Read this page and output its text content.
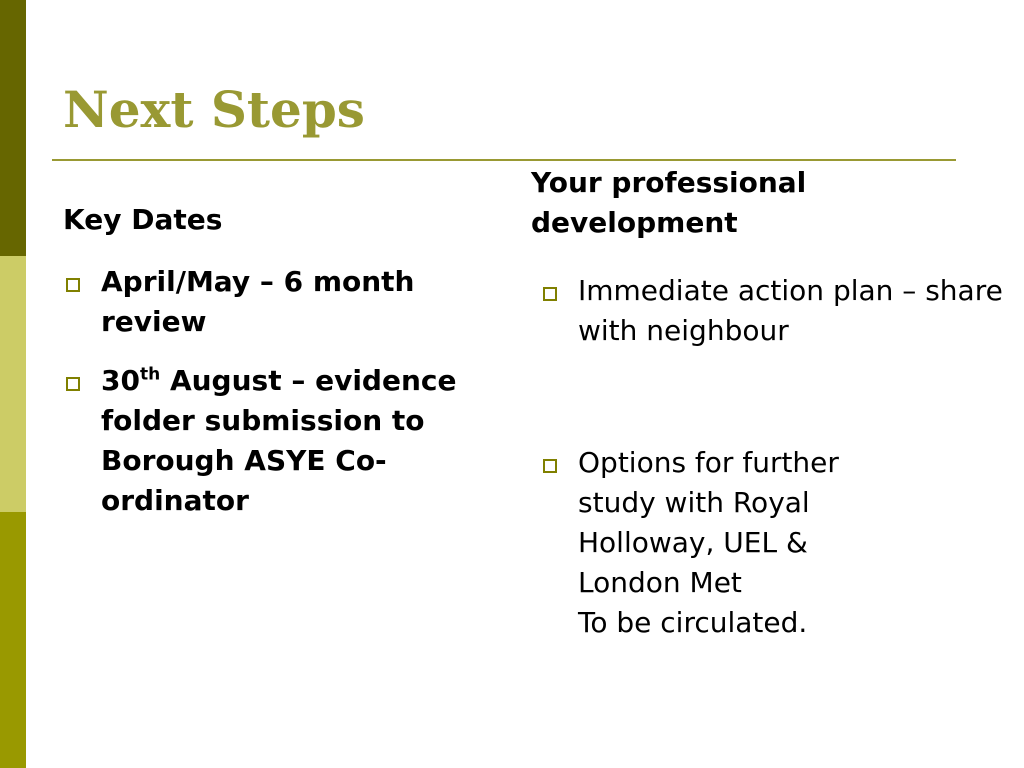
Next Steps
Key Dates
Your professional development
April/May – 6 month review
30th August – evidence folder submission to Borough ASYE Co-ordinator
Immediate action plan – share with neighbour
Options for further study with Royal Holloway, UEL & London Met
To be circulated.
